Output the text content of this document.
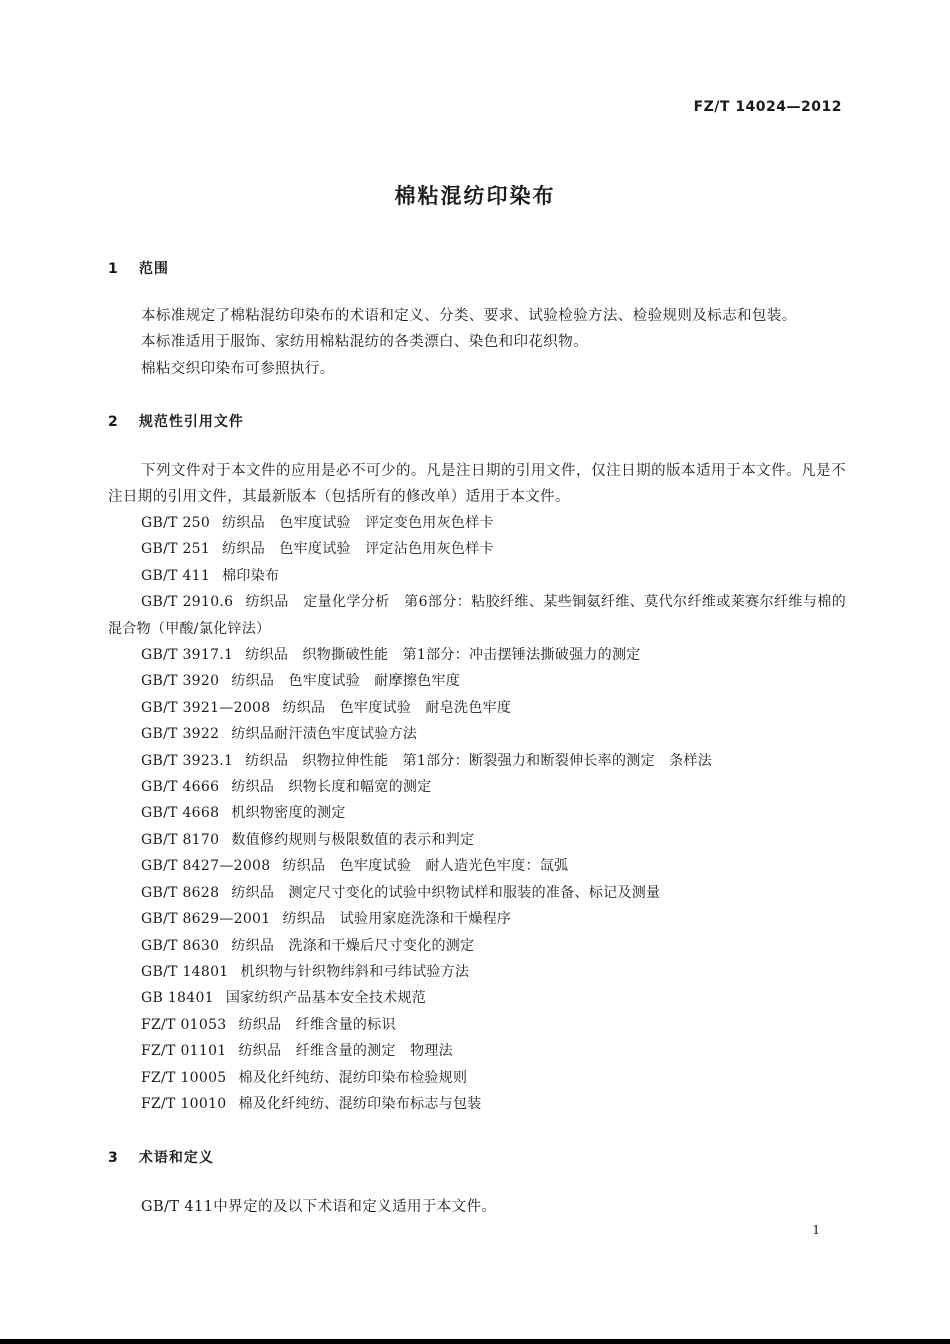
FZ/T 14024—2012
棉粘混纺印染布
1 范围
本标准规定了棉粘混纺印染布的术语和定义、分类、要求、试验检验方法、检验规则及标志和包装。
本标准适用于服饰、家纺用棉粘混纺的各类漂白、染色和印花织物。
棉粘交织印染布可参照执行。
2 规范性引用文件
下列文件对于本文件的应用是必不可少的。凡是注日期的引用文件，仅注日期的版本适用于本文件。凡是不注日期的引用文件，其最新版本（包括所有的修改单）适用于本文件。
GB/T 250 纺织品　色牢度试验　评定变色用灰色样卡
GB/T 251 纺织品　色牢度试验　评定沾色用灰色样卡
GB/T 411 棉印染布
GB/T 2910.6 纺织品　定量化学分析　第6部分：粘胶纤维、某些铜氨纤维、莫代尔纤维或莱赛尔纤维与棉的混合物（甲酸/氯化锌法）
GB/T 3917.1 纺织品　织物撕破性能　第1部分：冲击摆锤法撕破强力的测定
GB/T 3920 纺织品　色牢度试验　耐摩擦色牢度
GB/T 3921—2008 纺织品　色牢度试验　耐皂洗色牢度
GB/T 3922 纺织品耐汗渍色牢度试验方法
GB/T 3923.1 纺织品　织物拉伸性能　第1部分：断裂强力和断裂伸长率的测定　条样法
GB/T 4666 纺织品　织物长度和幅宽的测定
GB/T 4668 机织物密度的测定
GB/T 8170 数值修约规则与极限数值的表示和判定
GB/T 8427—2008 纺织品　色牢度试验　耐人造光色牢度：氙弧
GB/T 8628 纺织品　测定尺寸变化的试验中织物试样和服装的准备、标记及测量
GB/T 8629—2001 纺织品　试验用家庭洗涤和干燥程序
GB/T 8630 纺织品　洗涤和干燥后尺寸变化的测定
GB/T 14801 机织物与针织物纬斜和弓纬试验方法
GB 18401 国家纺织产品基本安全技术规范
FZ/T 01053 纺织品　纤维含量的标识
FZ/T 01101 纺织品　纤维含量的测定　物理法
FZ/T 10005 棉及化纤纯纺、混纺印染布检验规则
FZ/T 10010 棉及化纤纯纺、混纺印染布标志与包装
3 术语和定义
GB/T 411中界定的及以下术语和定义适用于本文件。
1
